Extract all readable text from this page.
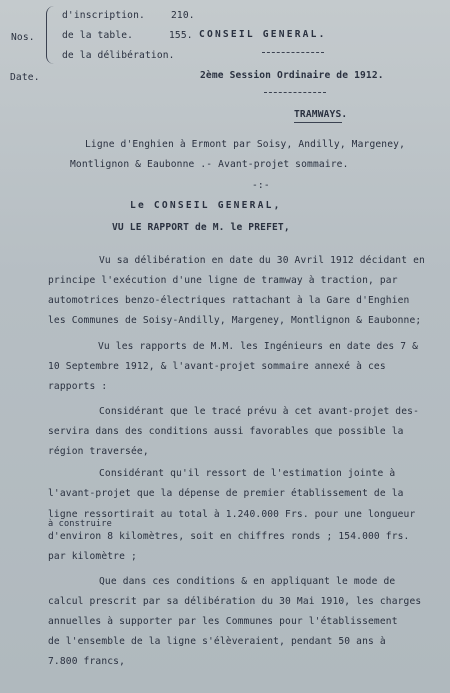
Nos.
d'inscription.
de la table.
de la délibération.
210.
155. CONSEIL GENERAL.
Date.	2ème Session Ordinaire de 1912.
TRAMWAYS.
Ligne d'Enghien à Ermont par Soisy, Andilly, Margeney,
Montlignon & Eaubonne .- Avant-projet sommaire.
-:-
Le CONSEIL GENERAL,
VU LE RAPPORT de M. le PREFET,
Vu sa délibération en date du 30 Avril 1912 décidant en
principe l'exécution d'une ligne de tramway à traction, par
automotrices benzo-électriques rattachant à la Gare d'Enghien
les Communes de Soisy-Andilly, Margeney, Montlignon & Eaubonne;
Vu les rapports de M.M. les Ingénieurs en date des 7 &
10 Septembre 1912, & l'avant-projet sommaire annexé à ces
rapports :
Considérant que le tracé prévu à cet avant-projet des-
servira dans des conditions aussi favorables que possible la
région traversée,
Considérant qu'il ressort de l'estimation jointe à
l'avant-projet que la dépense de premier établissement de la
ligne ressortirait au total à 1.240.000 Frs. pour une longueur
à construire
d'environ 8 kilomètres, soit en chiffres ronds ; 154.000 frs.
par kilomètre ;
Que dans ces conditions & en appliquant le mode de
calcul prescrit par sa délibération du 30 Mai 1910, les charges
annuelles à supporter par les Communes pour l'établissement
de l'ensemble de la ligne s'élèveraient, pendant 50 ans à
7.800 francs,
